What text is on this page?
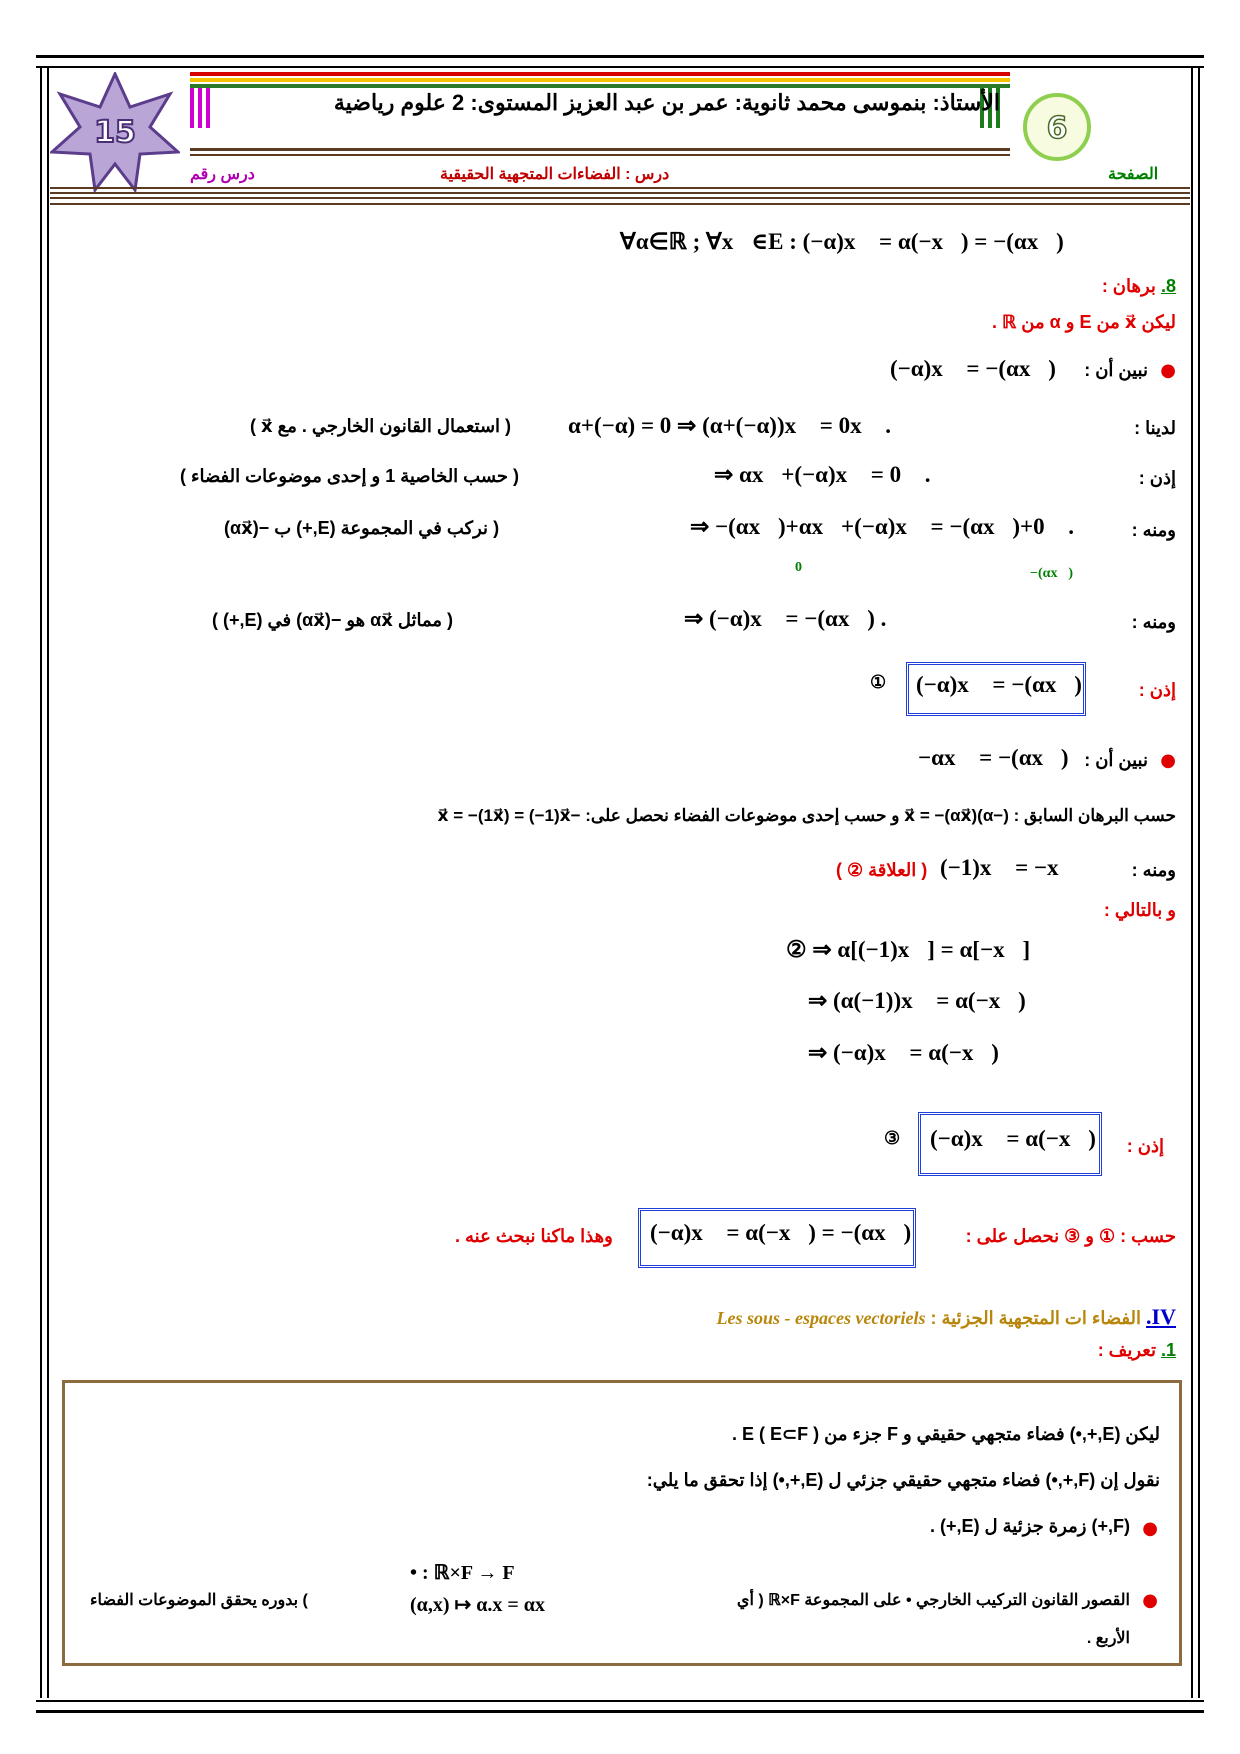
15
الأستاذ: بنموسى محمد ثانوية: عمر بن عبد العزيز المستوى: 2 علوم رياضية
6
درس رقم	درس : الفضاءات المتجهية الحقيقية	الصفحة
∀α∈ℝ ; ∀x⃗∈E : (−α)x⃗ = α(−x⃗) = −(αx⃗)
8. برهان :
ليكن x⃗ من E و α من ℝ .
●
نبين أن :
(−α)x⃗ = −(αx⃗)
لدينا :
α+(−α) = 0 ⇒ (α+(−α))x⃗ = 0x⃗ .
( استعمال القانون الخارجي . مع x⃗ )
إذن :
⇒ αx⃗+(−α)x⃗ = 0⃗ .
( حسب الخاصية 1 و إحدى موضوعات الفضاء )
ومنه :
⇒ −(αx⃗)+αx⃗+(−α)x⃗ = −(αx⃗)+0⃗ .
0⃗	−(αx⃗)
( نركب في المجموعة (E,+) ب −(αx⃗)
ومنه :
⇒ (−α)x⃗ = −(αx⃗) .
( مماثل αx⃗ هو −(αx⃗) في (E,+) )
إذن :
(−α)x⃗ = −(αx⃗)
①
●
نبين أن :
−αx⃗ = −(αx⃗)
حسب البرهان السابق : (−α)x⃗ = −(αx⃗) و حسب إحدى موضوعات الفضاء نحصل على: −x⃗ = −(1x⃗) = (−1)x⃗
ومنه :
(−1)x⃗ = −x⃗
( العلاقة ② )
و بالتالي :
② ⇒ α[(−1)x⃗] = α[−x⃗]
⇒ (α(−1))x⃗ = α(−x⃗)
⇒ (−α)x⃗ = α(−x⃗)
إذن :
(−α)x⃗ = α(−x⃗)
③
حسب : ① و ③ نحصل على :
(−α)x⃗ = α(−x⃗) = −(αx⃗)
وهذا ماكنا نبحث عنه .
IV. الفضاء ات المتجهية الجزئية : Les sous - espaces vectoriels
1. تعريف :
ليكن (E,+,•) فضاء متجهي حقيقي و F جزء من E ( E⊂F ) .
نقول إن (F,+,•) فضاء متجهي حقيقي جزئي ل (E,+,•) إذا تحقق ما يلي:
●
(F,+) زمرة جزئية ل (E,+) .
●
القصور القانون التركيب الخارجي • على المجموعة ℝ×F ( أي
• : ℝ×F → F
(α,x) ↦ α.x = αx
) بدوره يحقق الموضوعات الفضاء
الأربع .
